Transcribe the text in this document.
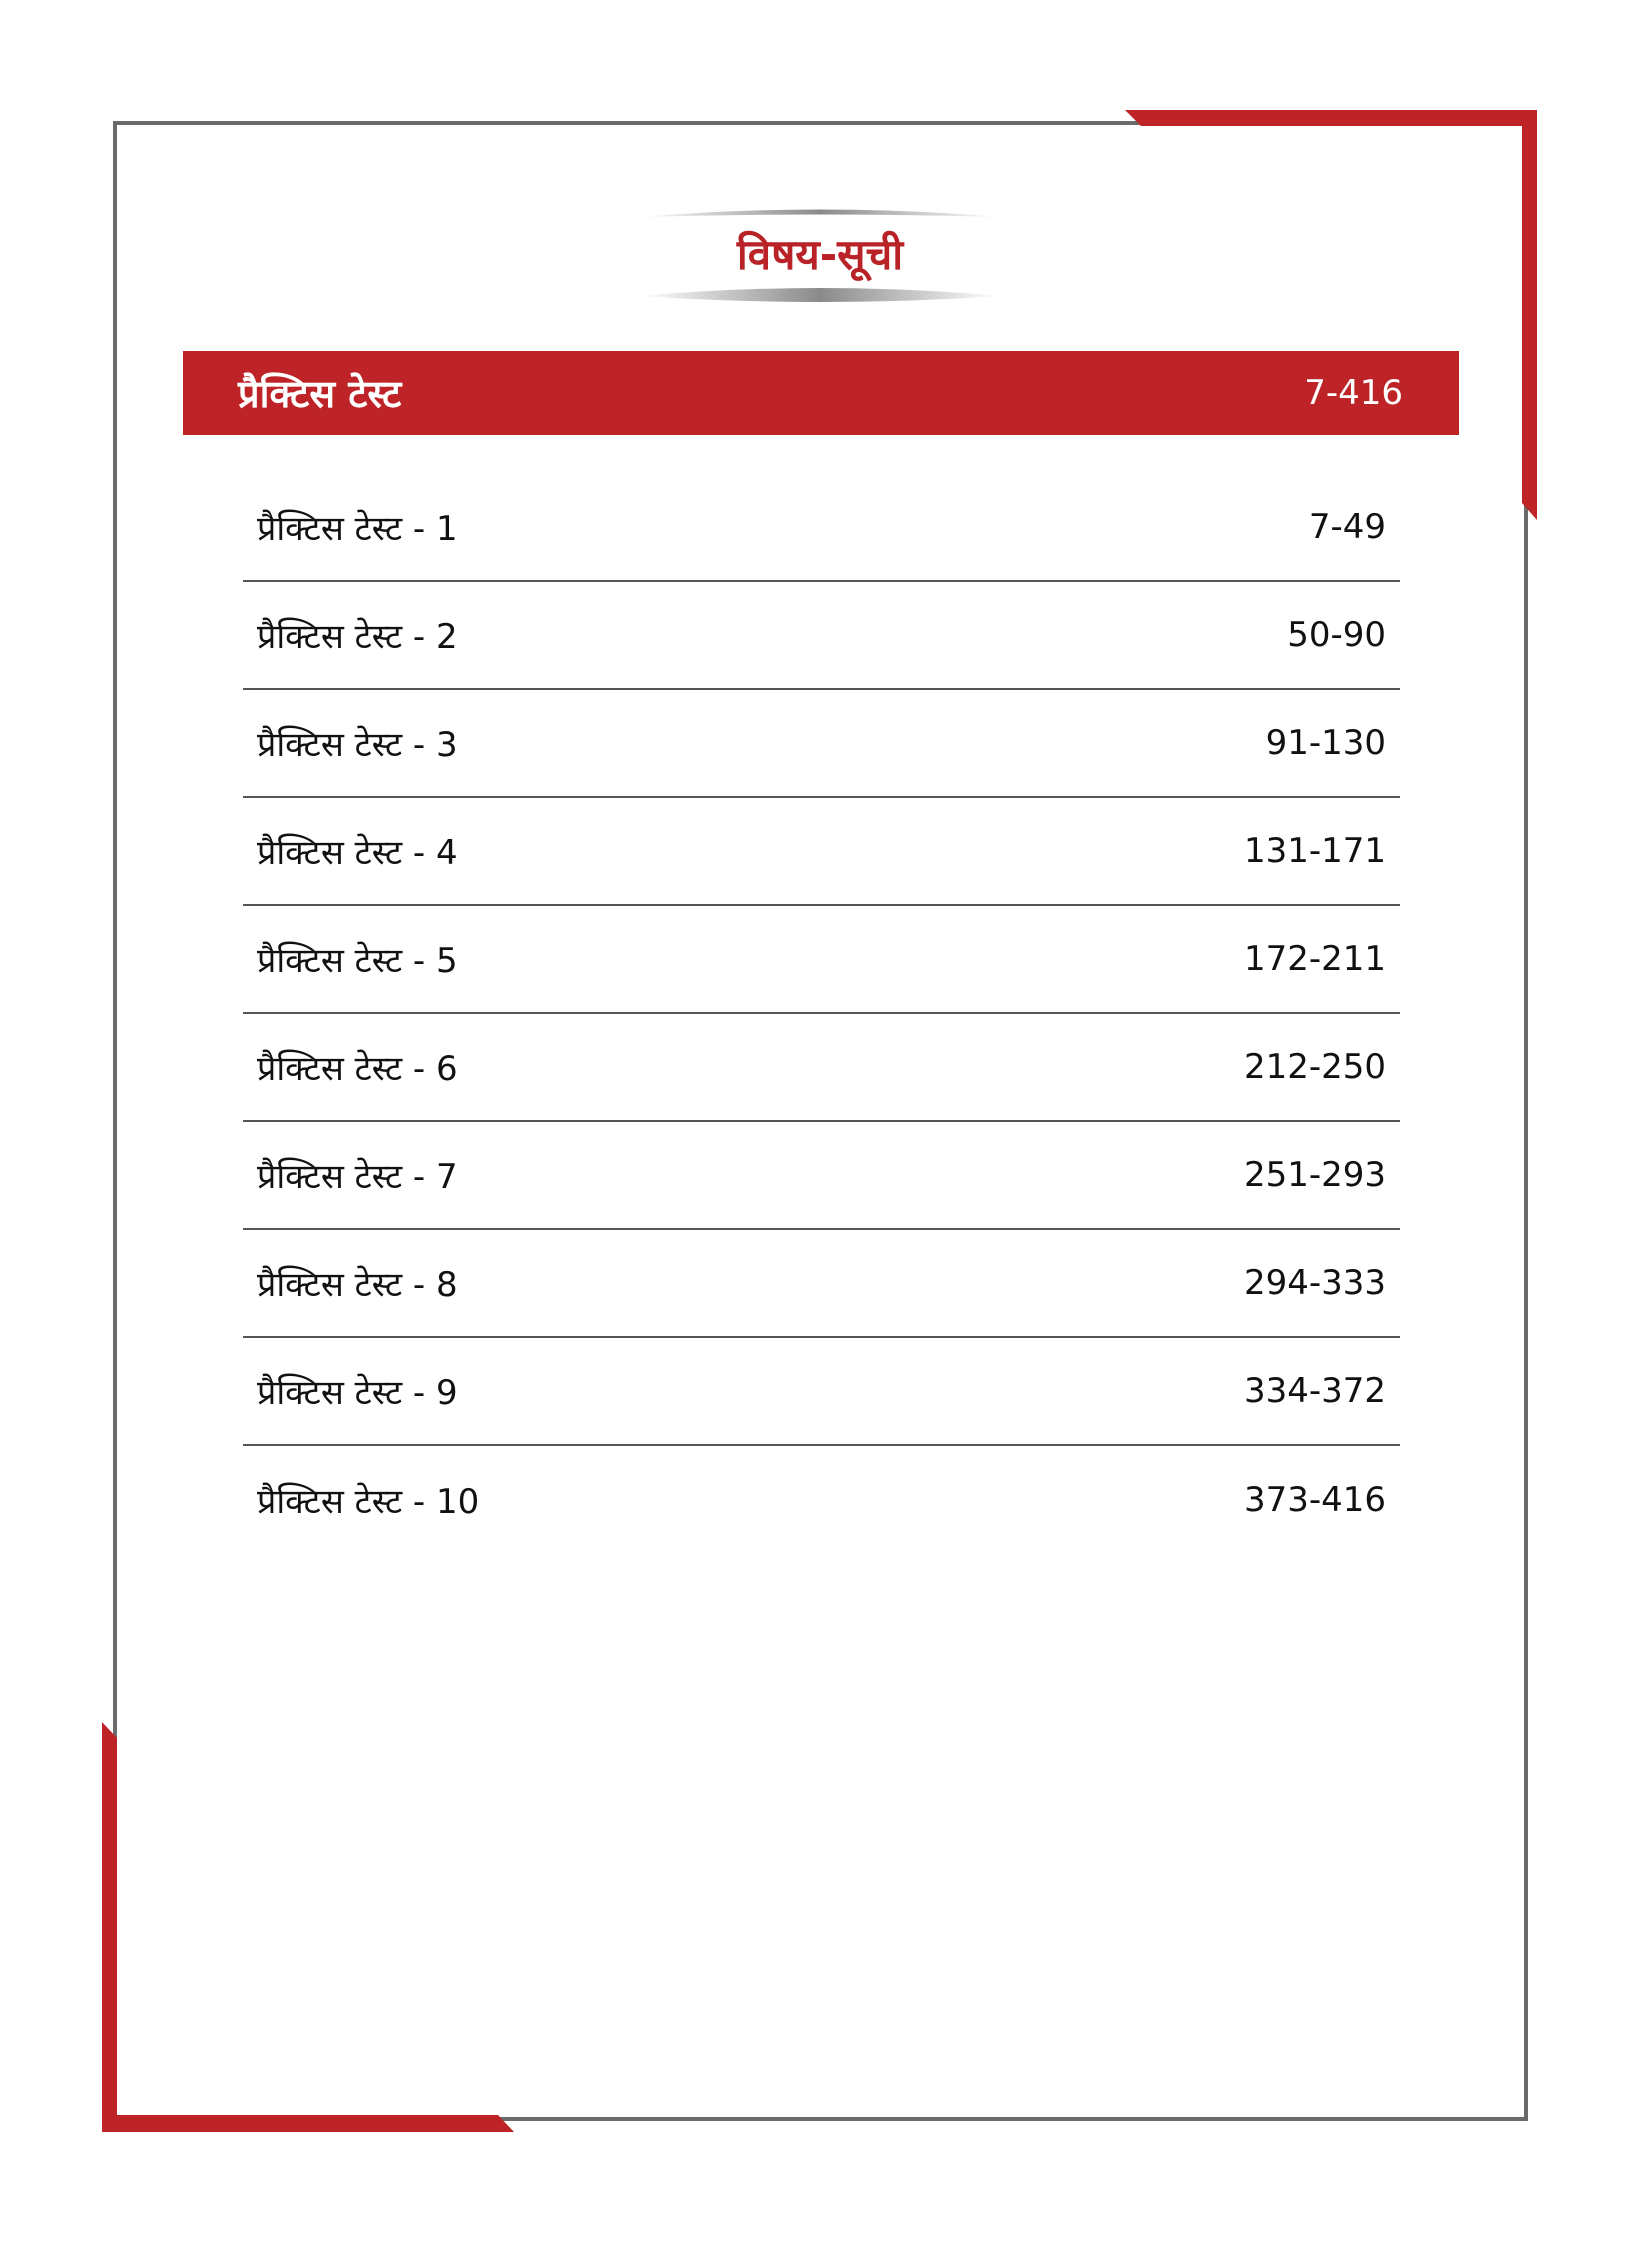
विषय-सूची
प्रैक्टिस टेस्ट	7-416
प्रैक्टिस टेस्ट - 1	7-49
प्रैक्टिस टेस्ट - 2	50-90
प्रैक्टिस टेस्ट - 3	91-130
प्रैक्टिस टेस्ट - 4	131-171
प्रैक्टिस टेस्ट - 5	172-211
प्रैक्टिस टेस्ट - 6	212-250
प्रैक्टिस टेस्ट - 7	251-293
प्रैक्टिस टेस्ट - 8	294-333
प्रैक्टिस टेस्ट - 9	334-372
प्रैक्टिस टेस्ट - 10	373-416
